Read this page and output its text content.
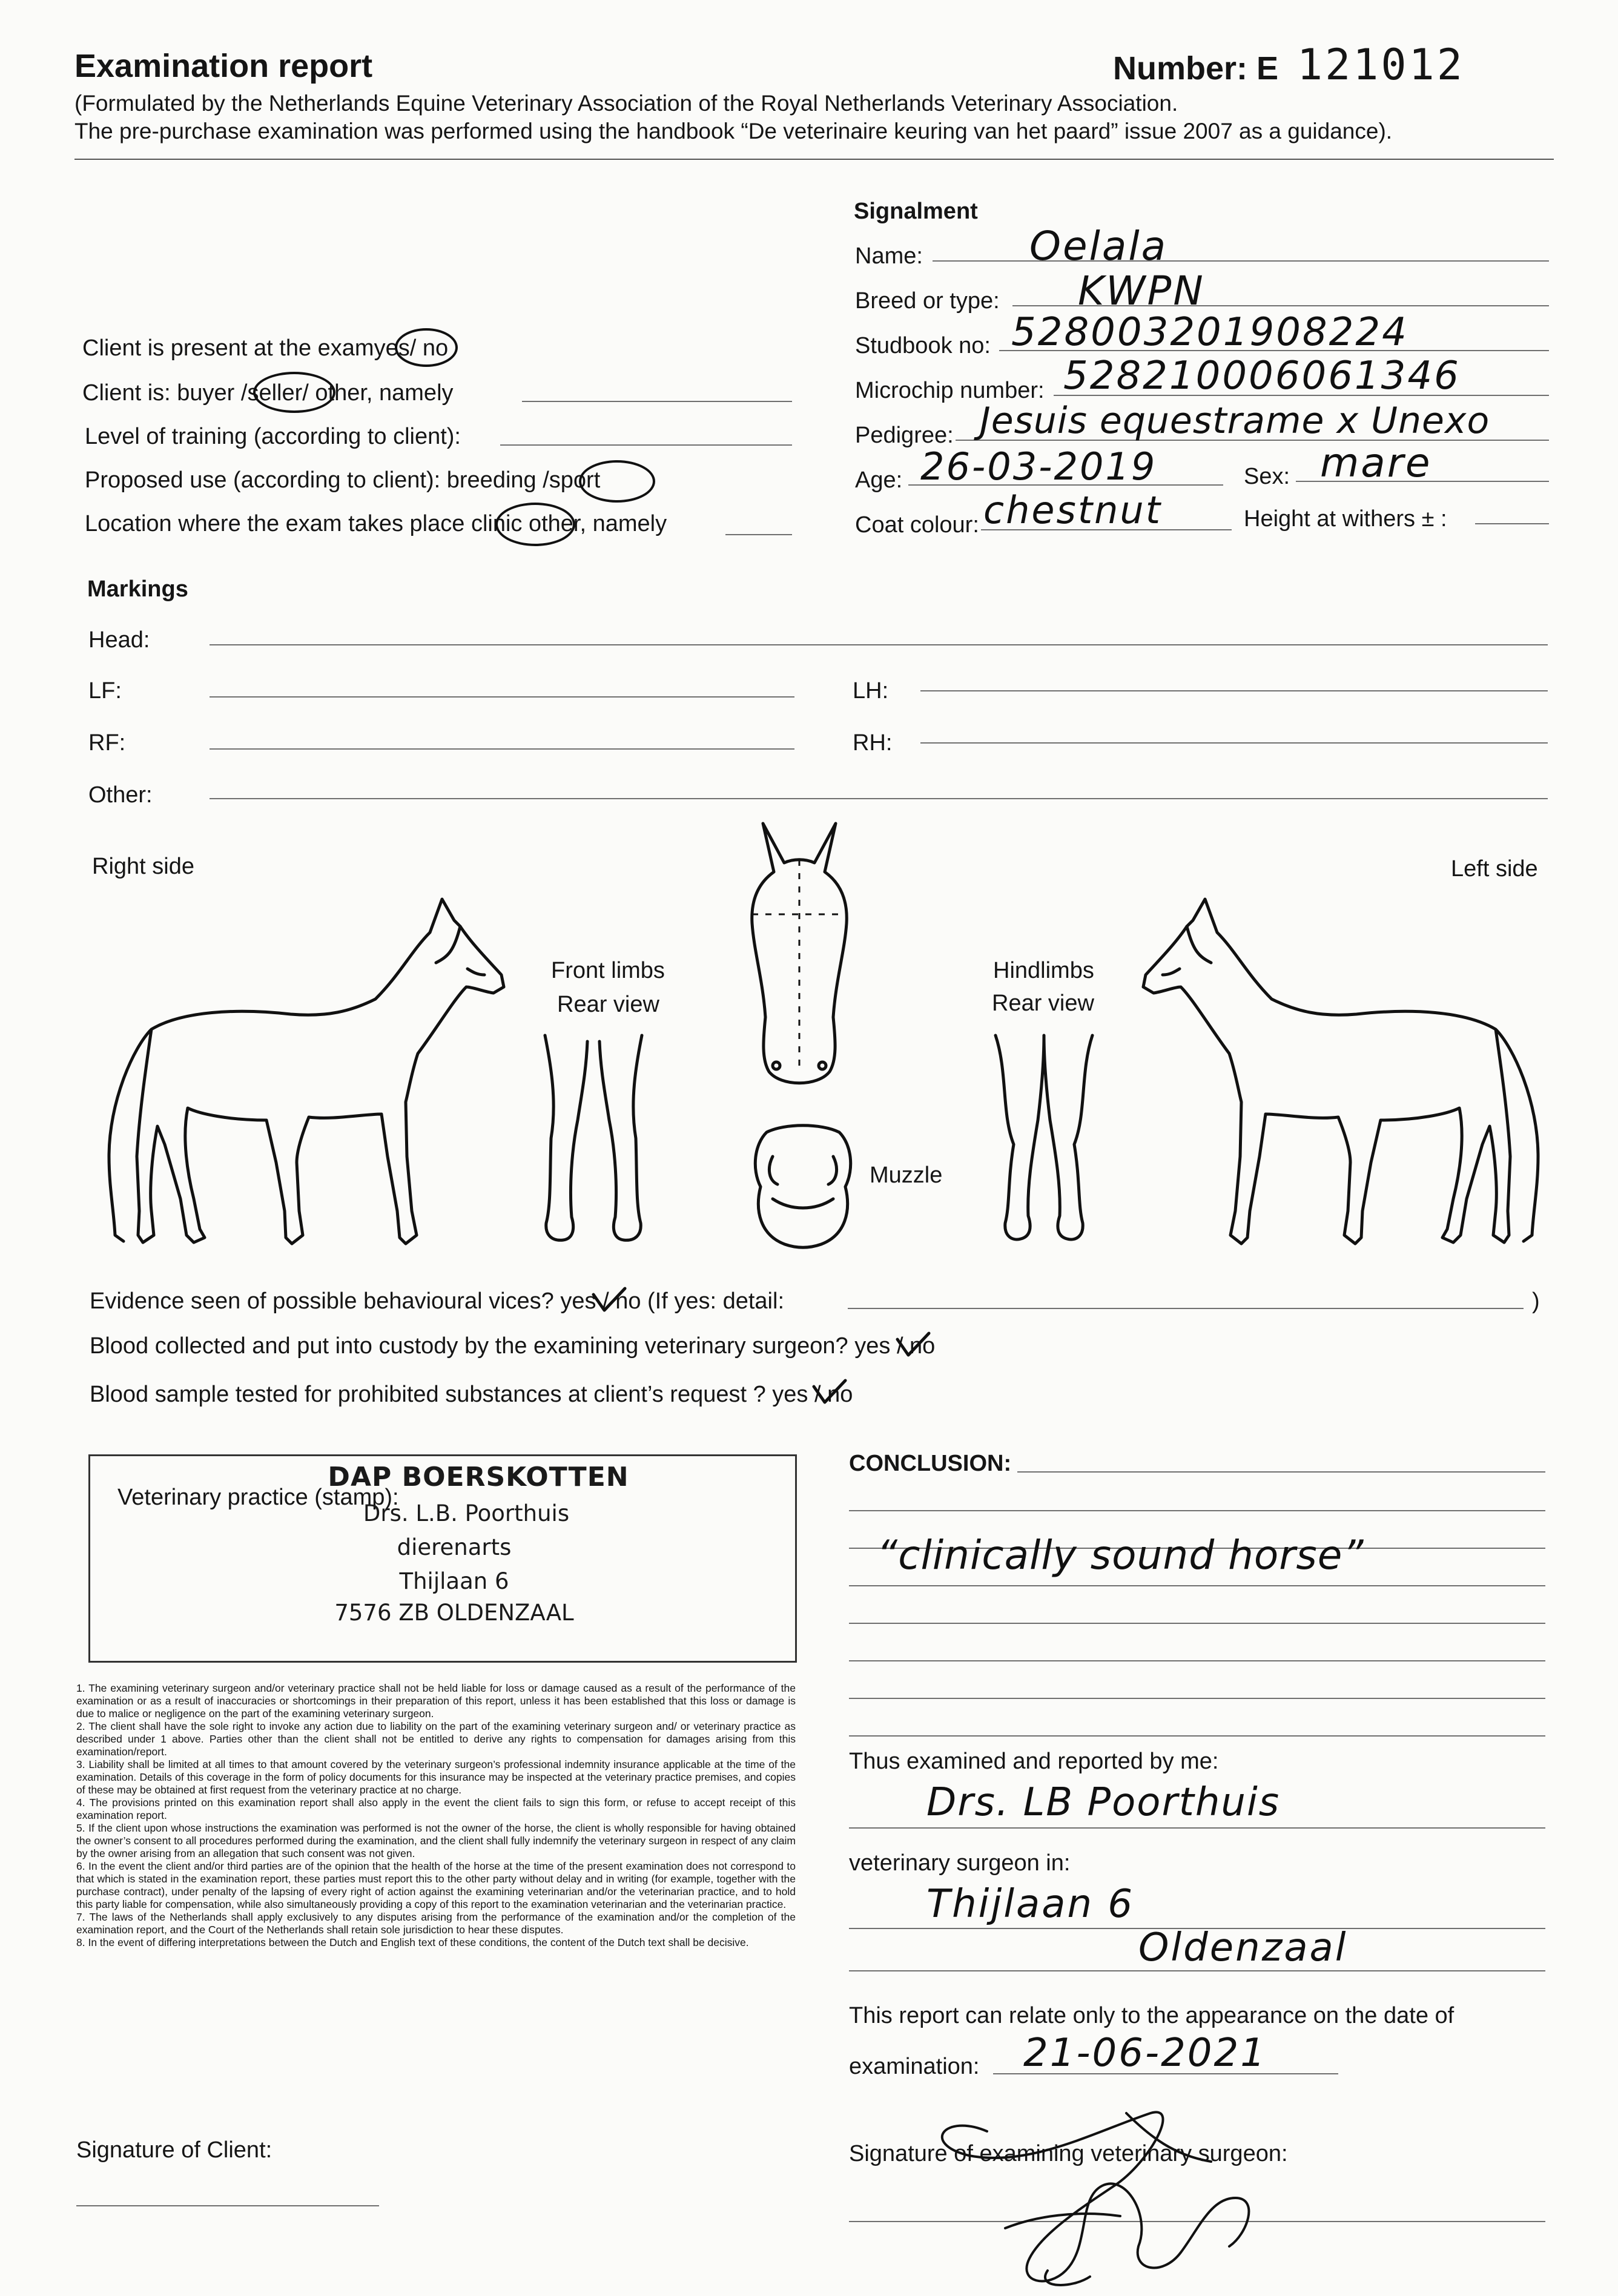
Examination report	Number: E 121012
(Formulated by the Netherlands Equine Veterinary Association of the Royal Netherlands Veterinary Association.
The pre-purchase examination was performed using the handbook “De veterinaire keuring van het paard” issue 2007 as a guidance).
Signalment
Name:	Oelala
Breed or type: KWPN
Studbook no: 528003201908224
Microchip number: 528210006061346
Pedigree: Jesuis equestrame x Unexo
Age: 26-03-2019	Sex: mare
Coat colour: chestnut	Height at withers ± :
Client is present at the examyes/ no
Client is: buyer /seller/ other, namely
Level of training (according to client):
Proposed use (according to client): breeding /sport
Location where the exam takes place clinic other, namely
Markings
Head:
LF:	LH:
RF:	RH:
Other:
Right side	Left side
Front limbs
Rear view
Hindlimbs
Rear view
Muzzle
Evidence seen of possible behavioural vices? yes / no (If yes: detail:	)
Blood collected and put into custody by the examining veterinary surgeon? yes / no
Blood sample tested for prohibited substances at client’s request ? yes / no
Veterinary practice (stamp):
DAP BOERSKOTTEN
Drs. L.B. Poorthuis
dierenarts
Thijlaan 6
7576 ZB OLDENZAAL

1. The examining veterinary surgeon and/or veterinary practice shall not be held liable for loss or damage caused as a result of the performance of the examination or as a result of inaccuracies or shortcomings in their preparation of this report, unless it has been established that this loss or damage is due to malice or negligence on the part of the examining veterinary surgeon.

2. The client shall have the sole right to invoke any action due to liability on the part of the examining veterinary surgeon and/ or veterinary practice as described under 1 above. Parties other than the client shall not be entitled to derive any rights to compensation for damages arising from this examination/report.

3. Liability shall be limited at all times to that amount covered by the veterinary surgeon’s professional indemnity insurance applicable at the time of the examination. Details of this coverage in the form of policy documents for this insurance may be inspected at the veterinary practice premises, and copies of these may be obtained at first request from the veterinary practice at no charge.

4. The provisions printed on this examination report shall also apply in the event the client fails to sign this form, or refuse to accept receipt of this examination report.

5. If the client upon whose instructions the examination was performed is not the owner of the horse, the client is wholly responsible for having obtained the owner’s consent to all procedures performed during the examination, and the client shall fully indemnify the veterinary surgeon in respect of any claim by the owner arising from an allegation that such consent was not given.

6. In the event the client and/or third parties are of the opinion that the health of the horse at the time of the present examination does not correspond to that which is stated in the examination report, these parties must report this to the other party without delay and in writing (for example, together with the purchase contract), under penalty of the lapsing of every right of action against the examining veterinarian and/or the veterinarian practice, and to hold this party liable for compensation, while also simultaneously providing a copy of this report to the examination veterinarian and the veterinarian practice.

7. The laws of the Netherlands shall apply exclusively to any disputes arising from the performance of the examination and/or the completion of the examination report, and the Court of the Netherlands shall retain sole jurisdiction to hear these disputes.

8. In the event of differing interpretations between the Dutch and English text of these conditions, the content of the Dutch text shall be decisive.

Signature of Client:
CONCLUSION:
“clinically sound horse”
Thus examined and reported by me:
Drs. LB Poorthuis
veterinary surgeon in:
Thijlaan 6
Oldenzaal
This report can relate only to the appearance on the date of
examination: 21-06-2021
Signature of examining veterinary surgeon:
